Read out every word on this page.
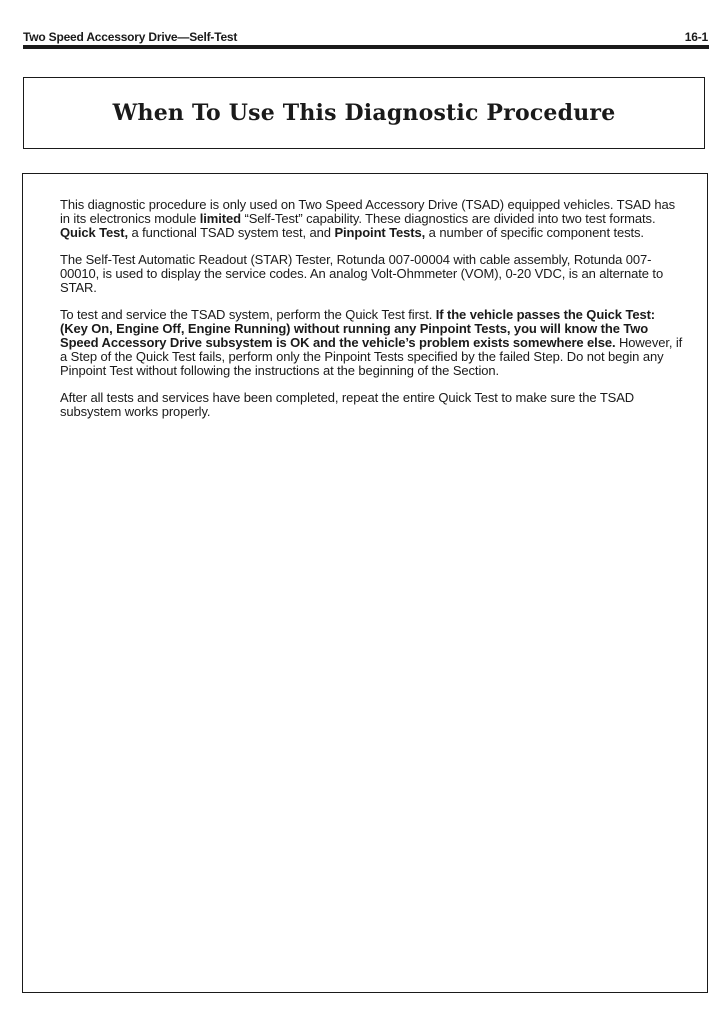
Two Speed Accessory Drive—Self-Test	16-1
When To Use This Diagnostic Procedure

This diagnostic procedure is only used on Two Speed Accessory Drive (TSAD) equipped vehicles. TSAD has in its electronics module limited “Self-Test” capability. These diagnostics are divided into two test formats. Quick Test, a functional TSAD system test, and Pinpoint Tests, a number of specific component tests.

The Self-Test Automatic Readout (STAR) Tester, Rotunda 007-00004 with cable assembly, Rotunda 007-00010, is used to display the service codes. An analog Volt-Ohmmeter (VOM), 0-20 VDC, is an alternate to STAR.

To test and service the TSAD system, perform the Quick Test first. If the vehicle passes the Quick Test: (Key On, Engine Off, Engine Running) without running any Pinpoint Tests, you will know the Two Speed Accessory Drive subsystem is OK and the vehicle’s problem exists somewhere else. However, if a Step of the Quick Test fails, perform only the Pinpoint Tests specified by the failed Step. Do not begin any Pinpoint Test without following the instructions at the beginning of the Section.

After all tests and services have been completed, repeat the entire Quick Test to make sure the TSAD subsystem works properly.
